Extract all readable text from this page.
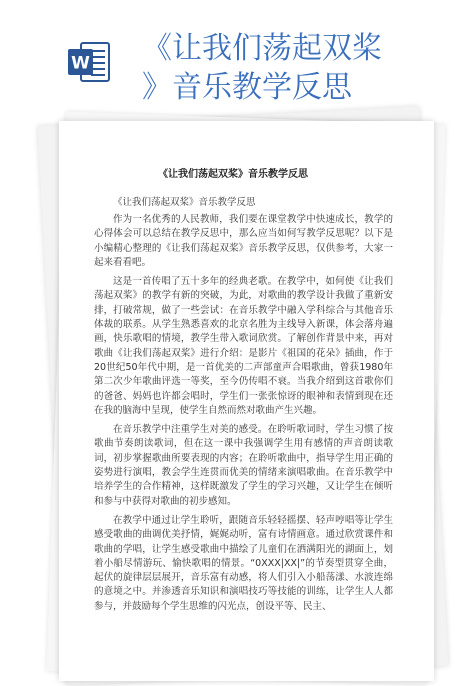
W 《让我们荡起双桨
》音乐教学反思
《让我们荡起双桨》音乐教学反思
《让我们荡起双桨》音乐教学反思

作为一名优秀的人民教师，我们要在课堂教学中快速成长，教学的心得体会可以总结在教学反思中，那么应当如何写教学反思呢？以下是小编精心整理的《让我们荡起双桨》音乐教学反思，仅供参考，大家一起来看看吧。

这是一首传唱了五十多年的经典老歌。在教学中，如何使《让我们荡起双桨》的教学有新的突破，为此，对歌曲的教学设计我做了重新安排，打破常规，做了一些尝试：在音乐教学中融入学科综合与其他音乐体裁的联系。从学生熟悉喜欢的北京名胜为主线导入新课，体会落舟遍画，快乐歌唱的情境，教学生带入歌词欣赏。了解创作背景中来，再对歌曲《让我们荡起双桨》进行介绍：是影片《祖国的花朵》插曲，作于20世纪50年代中期，是一首优美的二声部童声合唱歌曲，曾获1980年第二次少年歌曲评选一等奖，至今仍传唱不衰。当我介绍到这首歌你们的爸爸、妈妈也许都会唱时，学生们一张张惊讶的眼神和表情到现在还在我的脑海中呈现，使学生自然而然对歌曲产生兴趣。

在音乐教学中注重学生对美的感受。在聆听歌词时，学生习惯了按歌曲节奏朗读歌词，但在这一课中我强调学生用有感情的声音朗读歌词，初步掌握歌曲所要表现的内容；在聆听歌曲中，指导学生用正确的姿势进行演唱，教会学生连贯而优美的情绪来演唱歌曲。在音乐教学中培养学生的合作精神，这样既激发了学生的学习兴趣，又让学生在倾听和参与中获得对歌曲的初步感知。

在教学中通过让学生聆听，跟随音乐轻轻摇摆、轻声哼唱等让学生感受歌曲的曲调优美抒情，娓娓动听，富有诗情画意。通过欣赏课件和歌曲的学唱，让学生感受歌曲中描绘了儿童们在洒满阳光的湖面上，划着小船尽情游玩、愉快歌唱的情景。“0XXX|XX|”的节奏型贯穿全曲，起伏的旋律层层展开，音乐富有动感，将人们引入小船荡漾、水波连绵的意境之中。并渗透音乐知识和演唱技巧等技能的训练，让学生人人都参与，并鼓励每个学生思维的闪光点，创设平等、民主、
